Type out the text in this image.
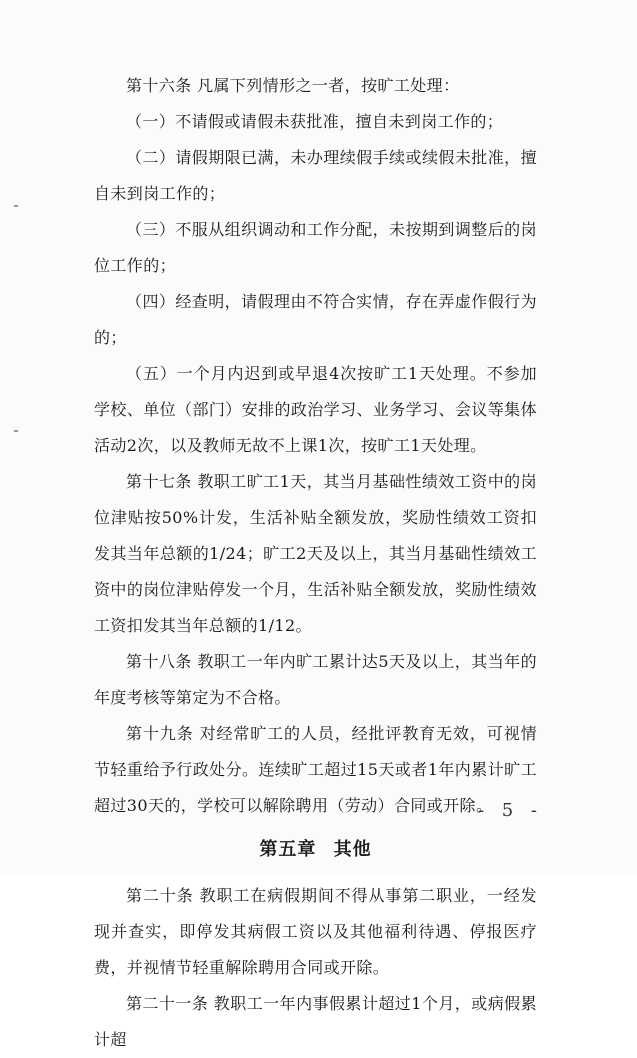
第十六条 凡属下列情形之一者，按旷工处理：

（一）不请假或请假未获批准，擅自未到岗工作的；

（二）请假期限已满，未办理续假手续或续假未批准，擅自未到岗工作的；

（三）不服从组织调动和工作分配，未按期到调整后的岗位工作的；

（四）经查明，请假理由不符合实情，存在弄虚作假行为的；

（五）一个月内迟到或早退4次按旷工1天处理。不参加学校、单位（部门）安排的政治学习、业务学习、会议等集体活动2次，以及教师无故不上课1次，按旷工1天处理。

第十七条 教职工旷工1天，其当月基础性绩效工资中的岗位津贴按50%计发，生活补贴全额发放，奖励性绩效工资扣发其当年总额的1/24；旷工2天及以上，其当月基础性绩效工资中的岗位津贴停发一个月，生活补贴全额发放，奖励性绩效工资扣发其当年总额的1/12。

第十八条 教职工一年内旷工累计达5天及以上，其当年的年度考核等第定为不合格。

第十九条 对经常旷工的人员，经批评教育无效，可视情节轻重给予行政处分。连续旷工超过15天或者1年内累计旷工超过30天的，学校可以解除聘用（劳动）合同或开除。

第五章 其他

第二十条 教职工在病假期间不得从事第二职业，一经发现并查实，即停发其病假工资以及其他福利待遇、停报医疗费，并视情节轻重解除聘用合同或开除。

第二十一条 教职工一年内事假累计超过1个月，或病假累计超

- 5 -
